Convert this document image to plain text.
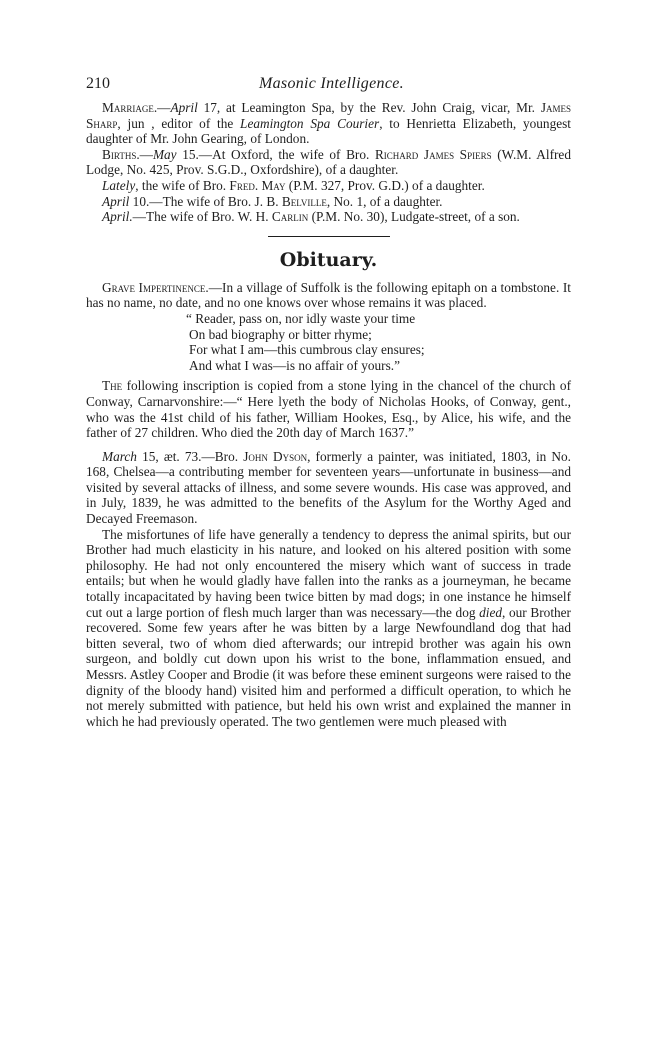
210	Masonic Intelligence.

Marriage.—April 17, at Leamington Spa, by the Rev. John Craig, vicar, Mr. James Sharp, jun , editor of the Leamington Spa Courier, to Henrietta Elizabeth, youngest daughter of Mr. John Gearing, of London.

Births.—May 15.—At Oxford, the wife of Bro. Richard James Spiers (W.M. Alfred Lodge, No. 425, Prov. S.G.D., Oxfordshire), of a daughter.

Lately, the wife of Bro. Fred. May (P.M. 327, Prov. G.D.) of a daughter.

April 10.—The wife of Bro. J. B. Belville, No. 1, of a daughter.

April.—The wife of Bro. W. H. Carlin (P.M. No. 30), Ludgate-street, of a son.

Obituary.

Grave Impertinence.—In a village of Suffolk is the following epitaph on a tombstone. It has no name, no date, and no one knows over whose remains it was placed.

“ Reader, pass on, nor idly waste your time
On bad biography or bitter rhyme;
For what I am—this cumbrous clay ensures;
And what I was—is no affair of yours.”

The following inscription is copied from a stone lying in the chancel of the church of Conway, Carnarvonshire:—“ Here lyeth the body of Nicholas Hooks, of Conway, gent., who was the 41st child of his father, William Hookes, Esq., by Alice, his wife, and the father of 27 children. Who died the 20th day of March 1637.”

March 15, æt. 73.—Bro. John Dyson, formerly a painter, was initiated, 1803, in No. 168, Chelsea—a contributing member for seventeen years—unfortunate in business—and visited by several attacks of illness, and some severe wounds. His case was approved, and in July, 1839, he was admitted to the benefits of the Asylum for the Worthy Aged and Decayed Freemason.

The misfortunes of life have generally a tendency to depress the animal spirits, but our Brother had much elasticity in his nature, and looked on his altered position with some philosophy. He had not only encountered the misery which want of success in trade entails; but when he would gladly have fallen into the ranks as a journeyman, he became totally incapacitated by having been twice bitten by mad dogs; in one instance he himself cut out a large portion of flesh much larger than was necessary—the dog died, our Brother recovered. Some few years after he was bitten by a large Newfoundland dog that had bitten several, two of whom died afterwards; our intrepid brother was again his own surgeon, and boldly cut down upon his wrist to the bone, inflammation ensued, and Messrs. Astley Cooper and Brodie (it was before these eminent surgeons were raised to the dignity of the bloody hand) visited him and performed a difficult operation, to which he not merely submitted with patience, but held his own wrist and explained the manner in which he had previously operated. The two gentlemen were much pleased with
